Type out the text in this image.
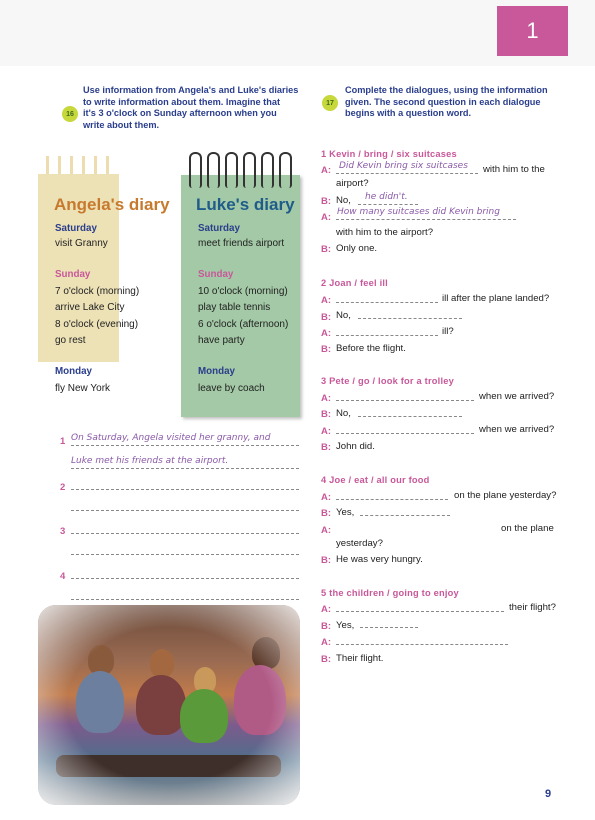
1
16
Use information from Angela's and Luke's diaries
to write information about them. Imagine that
it's 3 o'clock on Sunday afternoon when you
write about them.
Angela's diary
Saturday
visit Granny
Sunday
7 o'clock (morning)
arrive Lake City
8 o'clock (evening)
go rest
Monday
fly New York
Luke's diary
Saturday
meet friends airport
Sunday
10 o'clock (morning)
play table tennis
6 o'clock (afternoon)
have party
Monday
leave by coach
1 On Saturday, Angela visited her granny, and
Luke met his friends at the airport.
2
3
4
17
Complete the dialogues, using the information
given. The second question in each dialogue
begins with a question word.
1 Kevin / bring / six suitcases
A: Did Kevin bring six suitcases with him to the
airport?
B: No, he didn't.
A: How many suitcases did Kevin bring
with him to the airport?
B: Only one.
2 Joan / feel ill
A:	ill after the plane landed?
B: No,
A:	ill?
B: Before the flight.
3 Pete / go / look for a trolley
A:	when we arrived?
B: No,
A:	when we arrived?
B: John did.
4 Joe / eat / all our food
A:	on the plane yesterday?
B: Yes,
A:	on the plane
yesterday?
B: He was very hungry.
5 the children / going to enjoy
A:	their flight?
B: Yes,
A:
B: Their flight.
9
